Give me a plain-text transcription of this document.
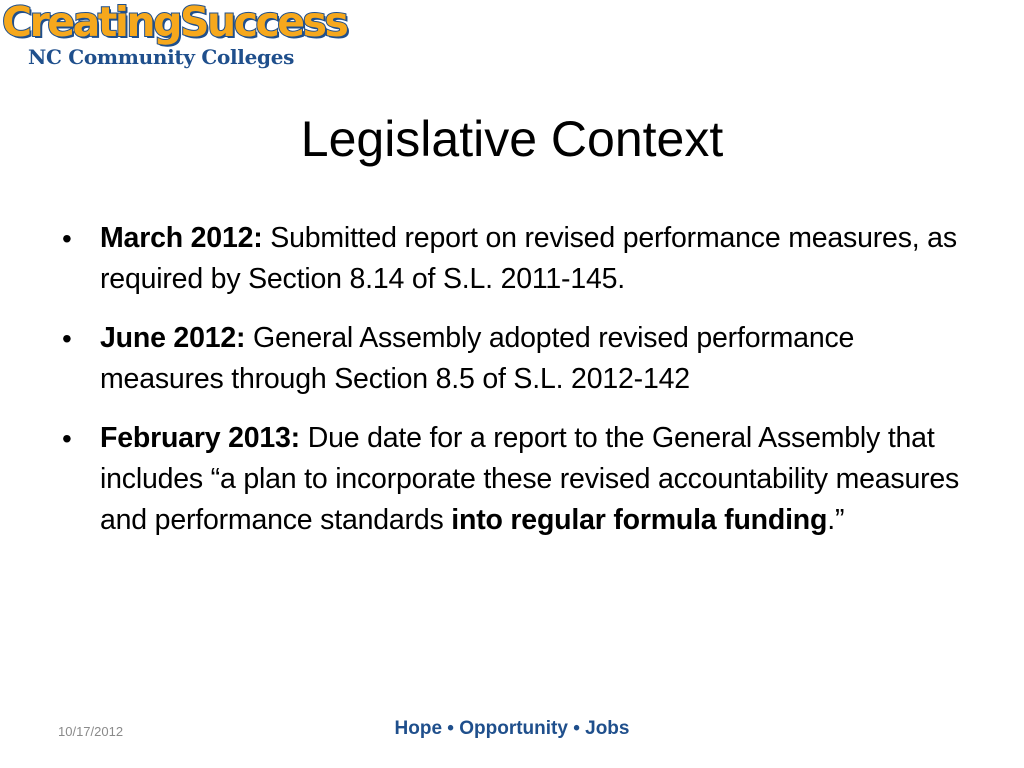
CreatingSuccess
NC Community Colleges
Legislative Context
• March 2012: Submitted report on revised performance measures, as required by Section 8.14 of S.L. 2011-145.
• June 2012: General Assembly adopted revised performance measures through Section 8.5 of S.L. 2012-142
• February 2013: Due date for a report to the General Assembly that includes “a plan to incorporate these revised accountability measures and performance standards into regular formula funding.”
10/17/2012	Hope • Opportunity • Jobs
